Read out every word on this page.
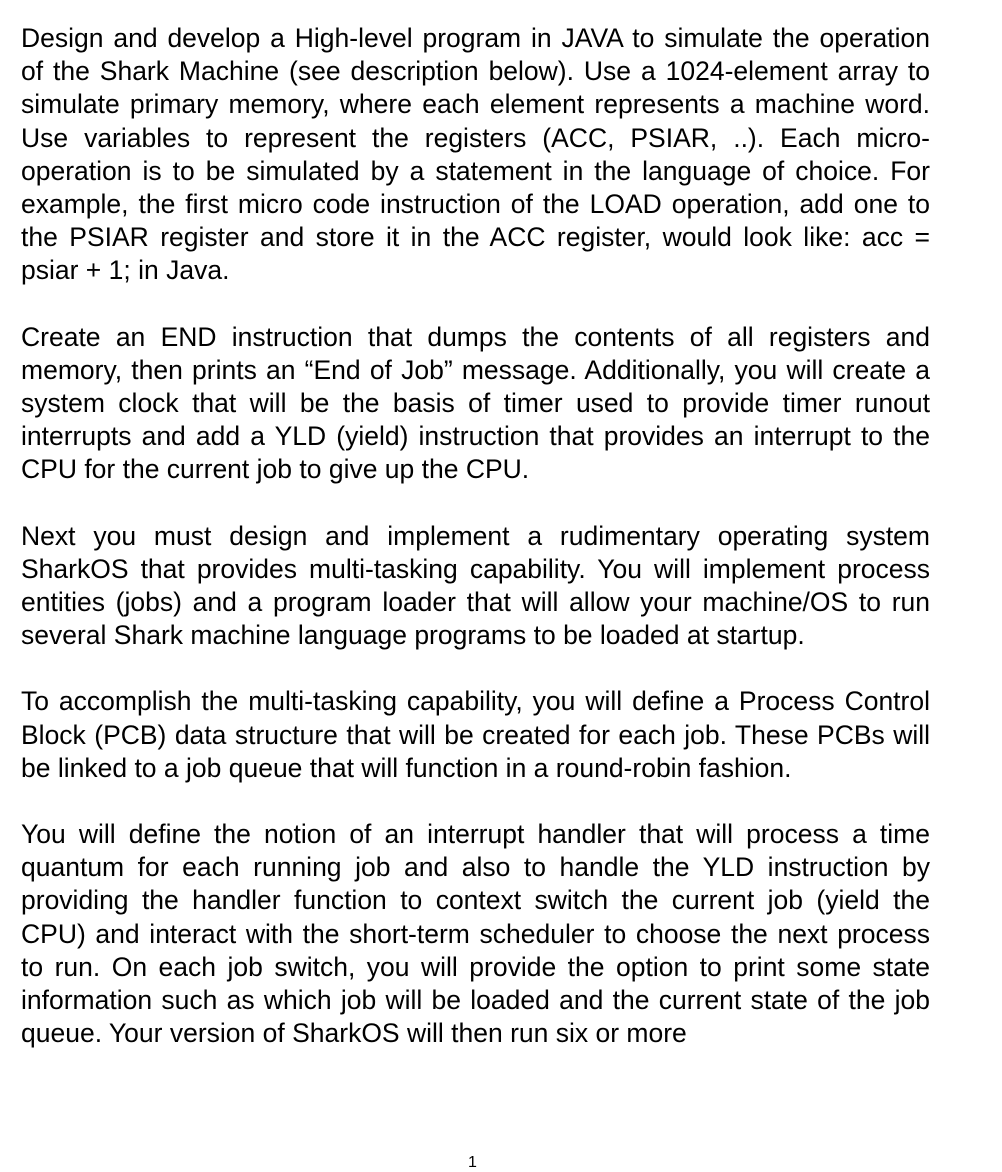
Design and develop a High-level program in JAVA to simulate the operation of the Shark Machine (see description below). Use a 1024-element array to simulate primary memory, where each element represents a machine word. Use variables to represent the registers (ACC, PSIAR, ..). Each micro-operation is to be simulated by a statement in the language of choice. For example, the first micro code instruction of the LOAD operation, add one to the PSIAR register and store it in the ACC register, would look like: acc = psiar + 1; in Java.

Create an END instruction that dumps the contents of all registers and memory, then prints an “End of Job” message. Additionally, you will create a system clock that will be the basis of timer used to provide timer runout interrupts and add a YLD (yield) instruction that provides an interrupt to the CPU for the current job to give up the CPU.

Next you must design and implement a rudimentary operating system SharkOS that provides multi-tasking capability. You will implement process entities (jobs) and a program loader that will allow your machine/OS to run several Shark machine language programs to be loaded at startup.

To accomplish the multi-tasking capability, you will define a Process Control Block (PCB) data structure that will be created for each job. These PCBs will be linked to a job queue that will function in a round-robin fashion.

You will define the notion of an interrupt handler that will process a time quantum for each running job and also to handle the YLD instruction by providing the handler function to context switch the current job (yield the CPU) and interact with the short-term scheduler to choose the next process to run. On each job switch, you will provide the option to print some state information such as which job will be loaded and the current state of the job queue. Your version of SharkOS will then run six or more

1
